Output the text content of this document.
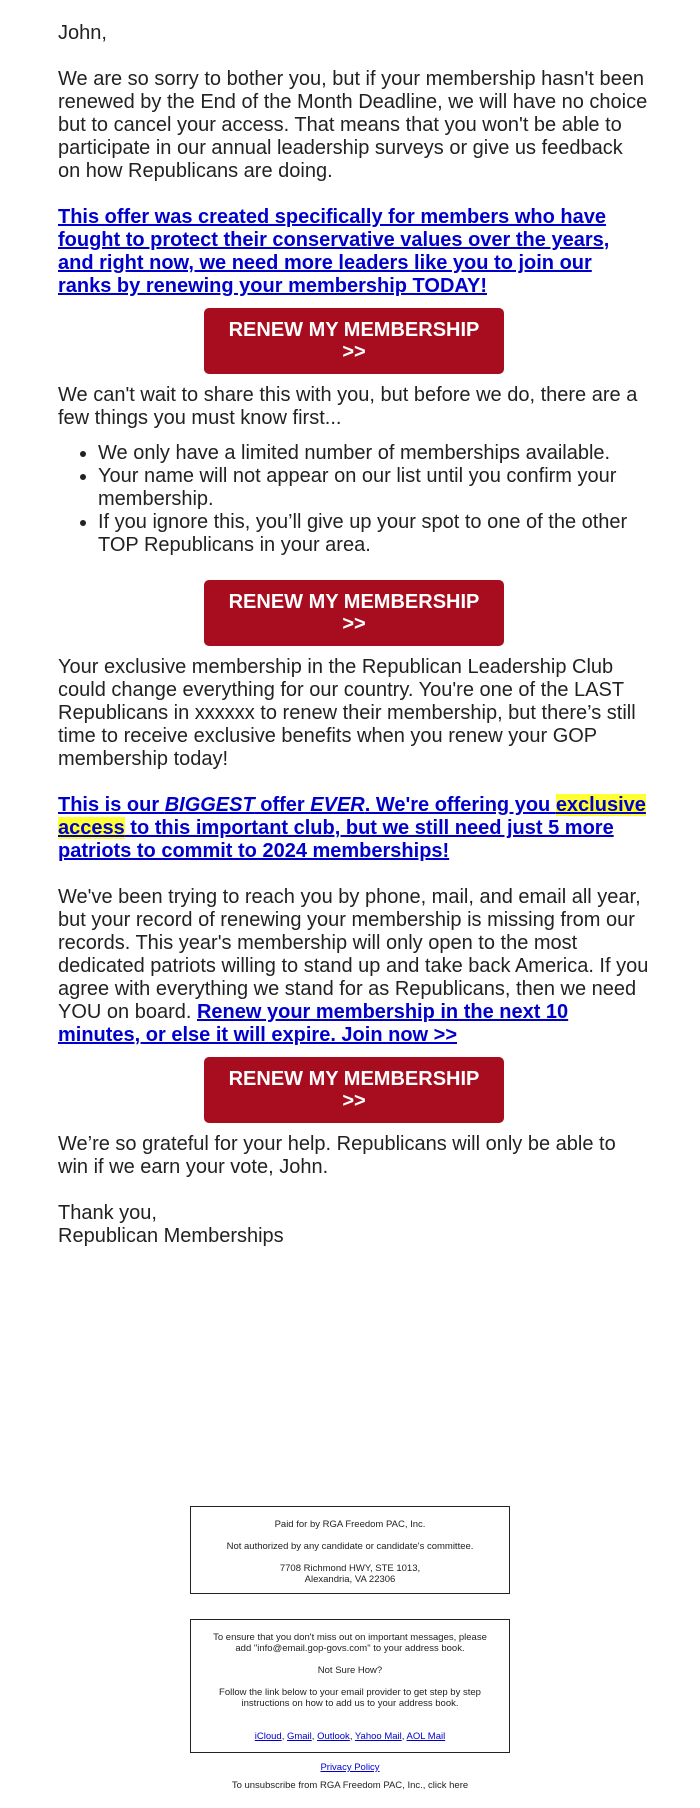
John,

We are so sorry to bother you, but if your membership hasn't been renewed by the End of the Month Deadline, we will have no choice but to cancel your access. That means that you won't be able to participate in our annual leadership surveys or give us feedback on how Republicans are doing.

This offer was created specifically for members who have fought to protect their conservative values over the years, and right now, we need more leaders like you to join our ranks by renewing your membership TODAY!
RENEW MY MEMBERSHIP >>

We can't wait to share this with you, but before we do, there are a few things you must know first...

• We only have a limited number of memberships available.
• Your name will not appear on our list until you confirm your membership.
• If you ignore this, you’ll give up your spot to one of the other TOP Republicans in your area.
RENEW MY MEMBERSHIP >>

Your exclusive membership in the Republican Leadership Club could change everything for our country. You're one of the LAST Republicans in xxxxxx to renew their membership, but there’s still time to receive exclusive benefits when you renew your GOP membership today!

This is our BIGGEST offer EVER. We're offering you exclusive access to this important club, but we still need just 5 more patriots to commit to 2024 memberships!

We've been trying to reach you by phone, mail, and email all year, but your record of renewing your membership is missing from our records. This year's membership will only open to the most dedicated patriots willing to stand up and take back America. If you agree with everything we stand for as Republicans, then we need YOU on board. Renew your membership in the next 10 minutes, or else it will expire. Join now >>

RENEW MY MEMBERSHIP >>

We’re so grateful for your help. Republicans will only be able to win if we earn your vote, John.

Thank you,

Republican Memberships

Paid for by RGA Freedom PAC, Inc.

Not authorized by any candidate or candidate's committee.

7708 Richmond HWY, STE 1013,

Alexandria, VA 22306

To ensure that you don't miss out on important messages, please add "info@email.gop-govs.com" to your address book.

Not Sure How?

Follow the link below to your email provider to get step by step instructions on how to add us to your address book.

iCloud, Gmail, Outlook, Yahoo Mail, AOL Mail

Privacy Policy
To unsubscribe from RGA Freedom PAC, Inc., click here
